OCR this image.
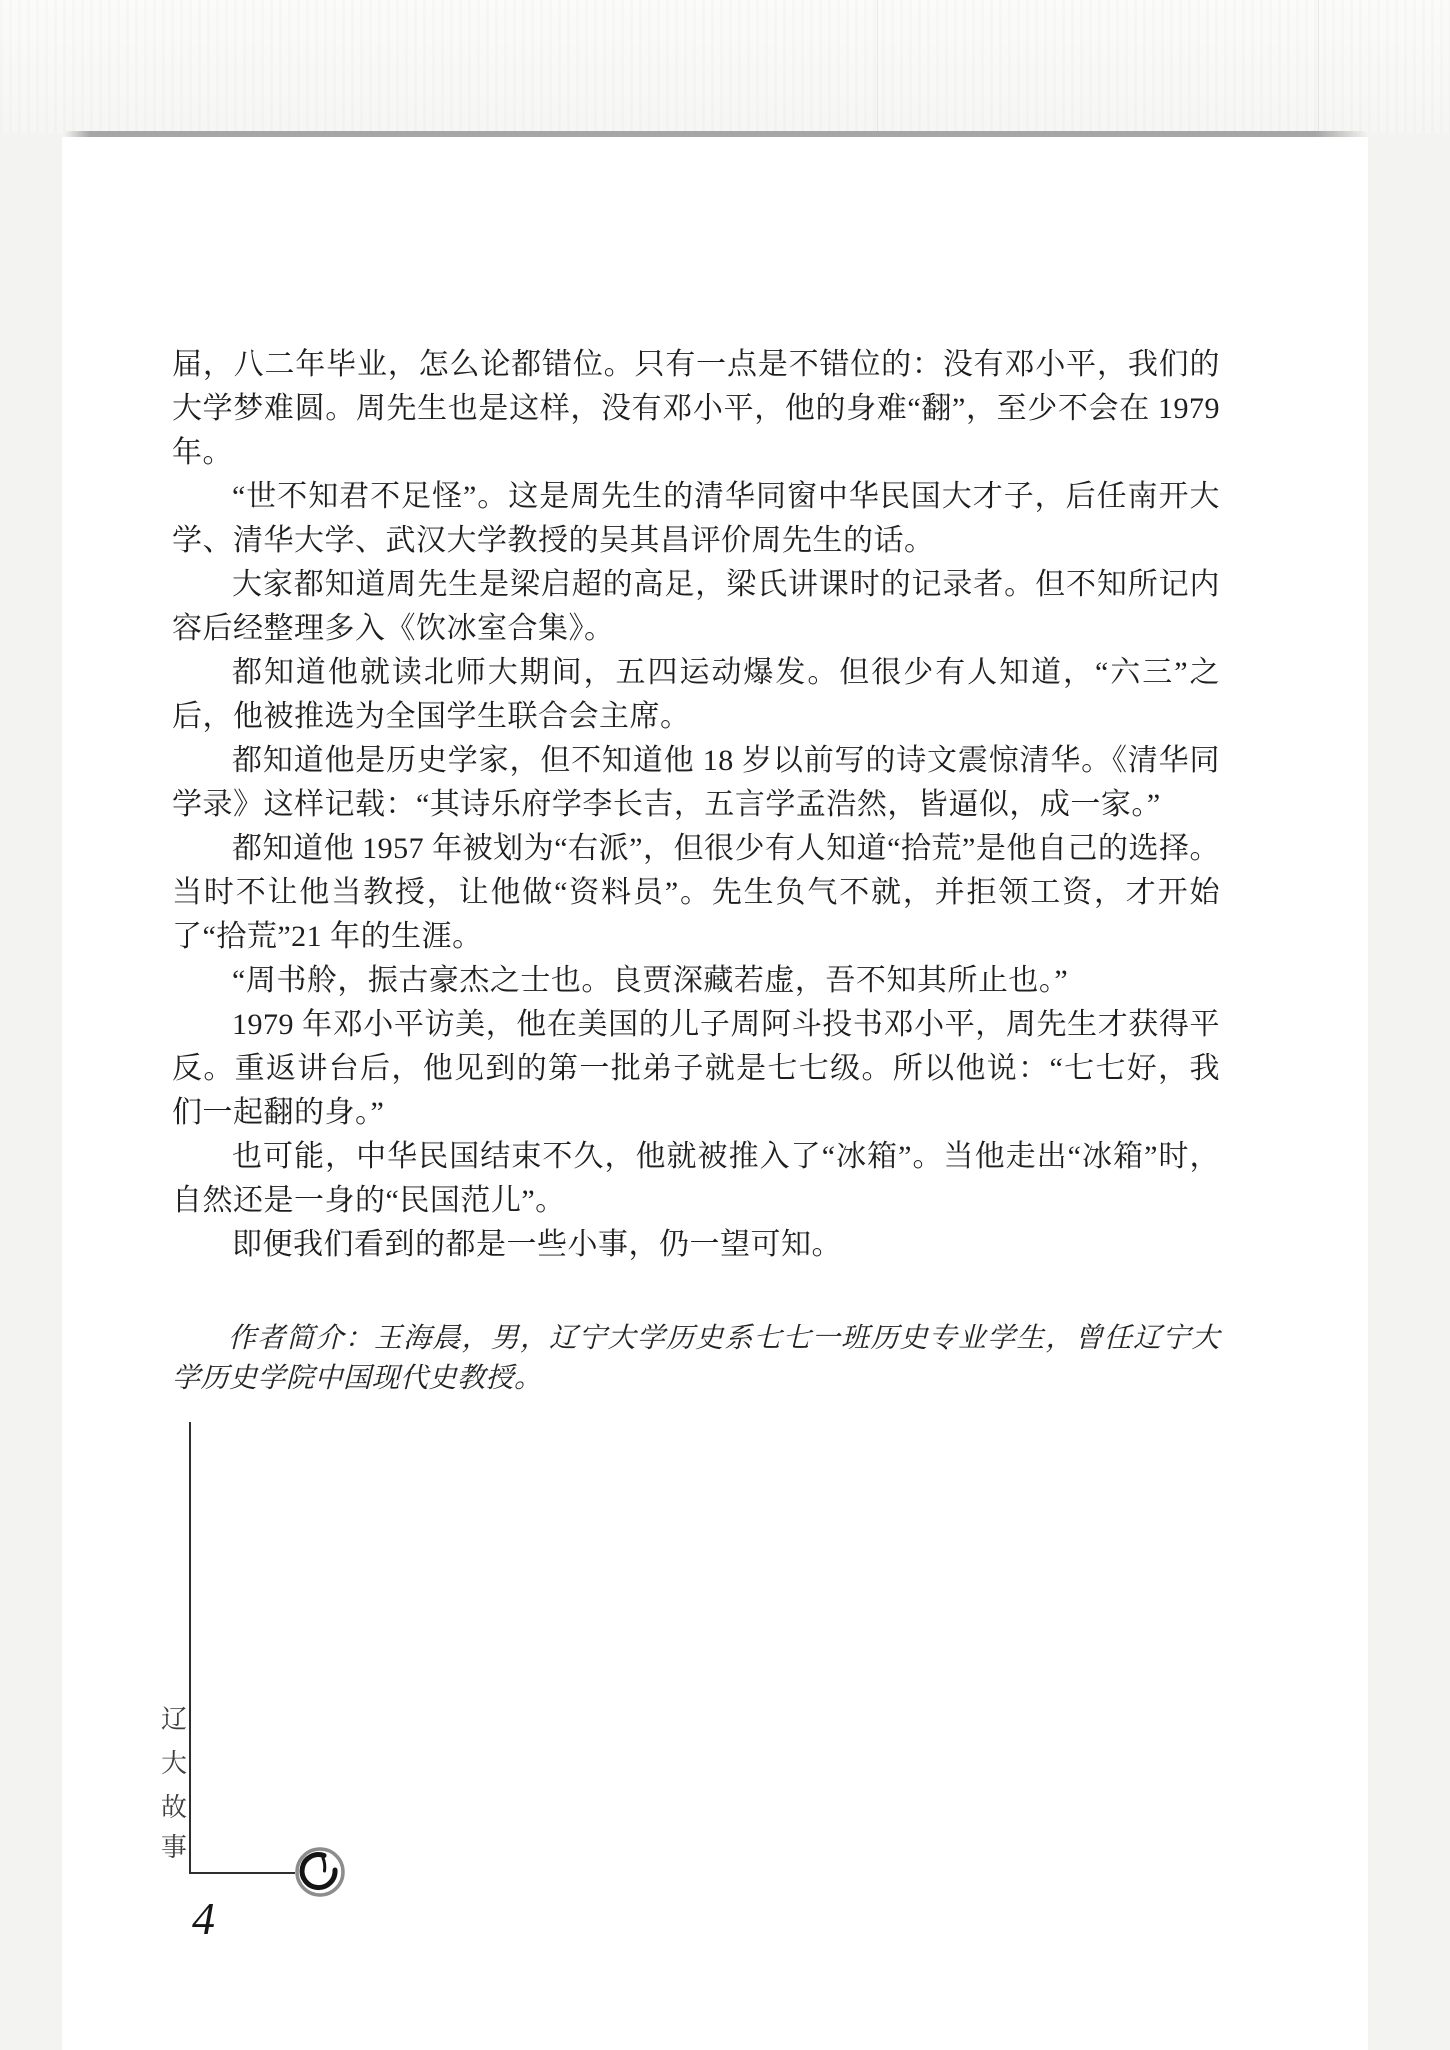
届，八二年毕业，怎么论都错位。只有一点是不错位的：没有邓小平，我们的大学梦难圆。周先生也是这样，没有邓小平，他的身难“翻”，至少不会在 1979 年。

“世不知君不足怪”。这是周先生的清华同窗中华民国大才子，后任南开大学、清华大学、武汉大学教授的吴其昌评价周先生的话。

大家都知道周先生是梁启超的高足，梁氏讲课时的记录者。但不知所记内容后经整理多入《饮冰室合集》。

都知道他就读北师大期间，五四运动爆发。但很少有人知道，“六三”之后，他被推选为全国学生联合会主席。

都知道他是历史学家，但不知道他 18 岁以前写的诗文震惊清华。《清华同学录》这样记载：“其诗乐府学李长吉，五言学孟浩然，皆逼似，成一家。”

都知道他 1957 年被划为“右派”，但很少有人知道“拾荒”是他自己的选择。当时不让他当教授，让他做“资料员”。先生负气不就，并拒领工资，才开始了“拾荒”21 年的生涯。

“周书舲，振古豪杰之士也。良贾深藏若虚，吾不知其所止也。”

1979 年邓小平访美，他在美国的儿子周阿斗投书邓小平，周先生才获得平反。重返讲台后，他见到的第一批弟子就是七七级。所以他说：“七七好，我们一起翻的身。”

也可能，中华民国结束不久，他就被推入了“冰箱”。当他走出“冰箱”时，自然还是一身的“民国范儿”。

即便我们看到的都是一些小事，仍一望可知。

作者简介：王海晨，男，辽宁大学历史系七七一班历史专业学生，曾任辽宁大学历史学院中国现代史教授。

辽
大
故
事
4
